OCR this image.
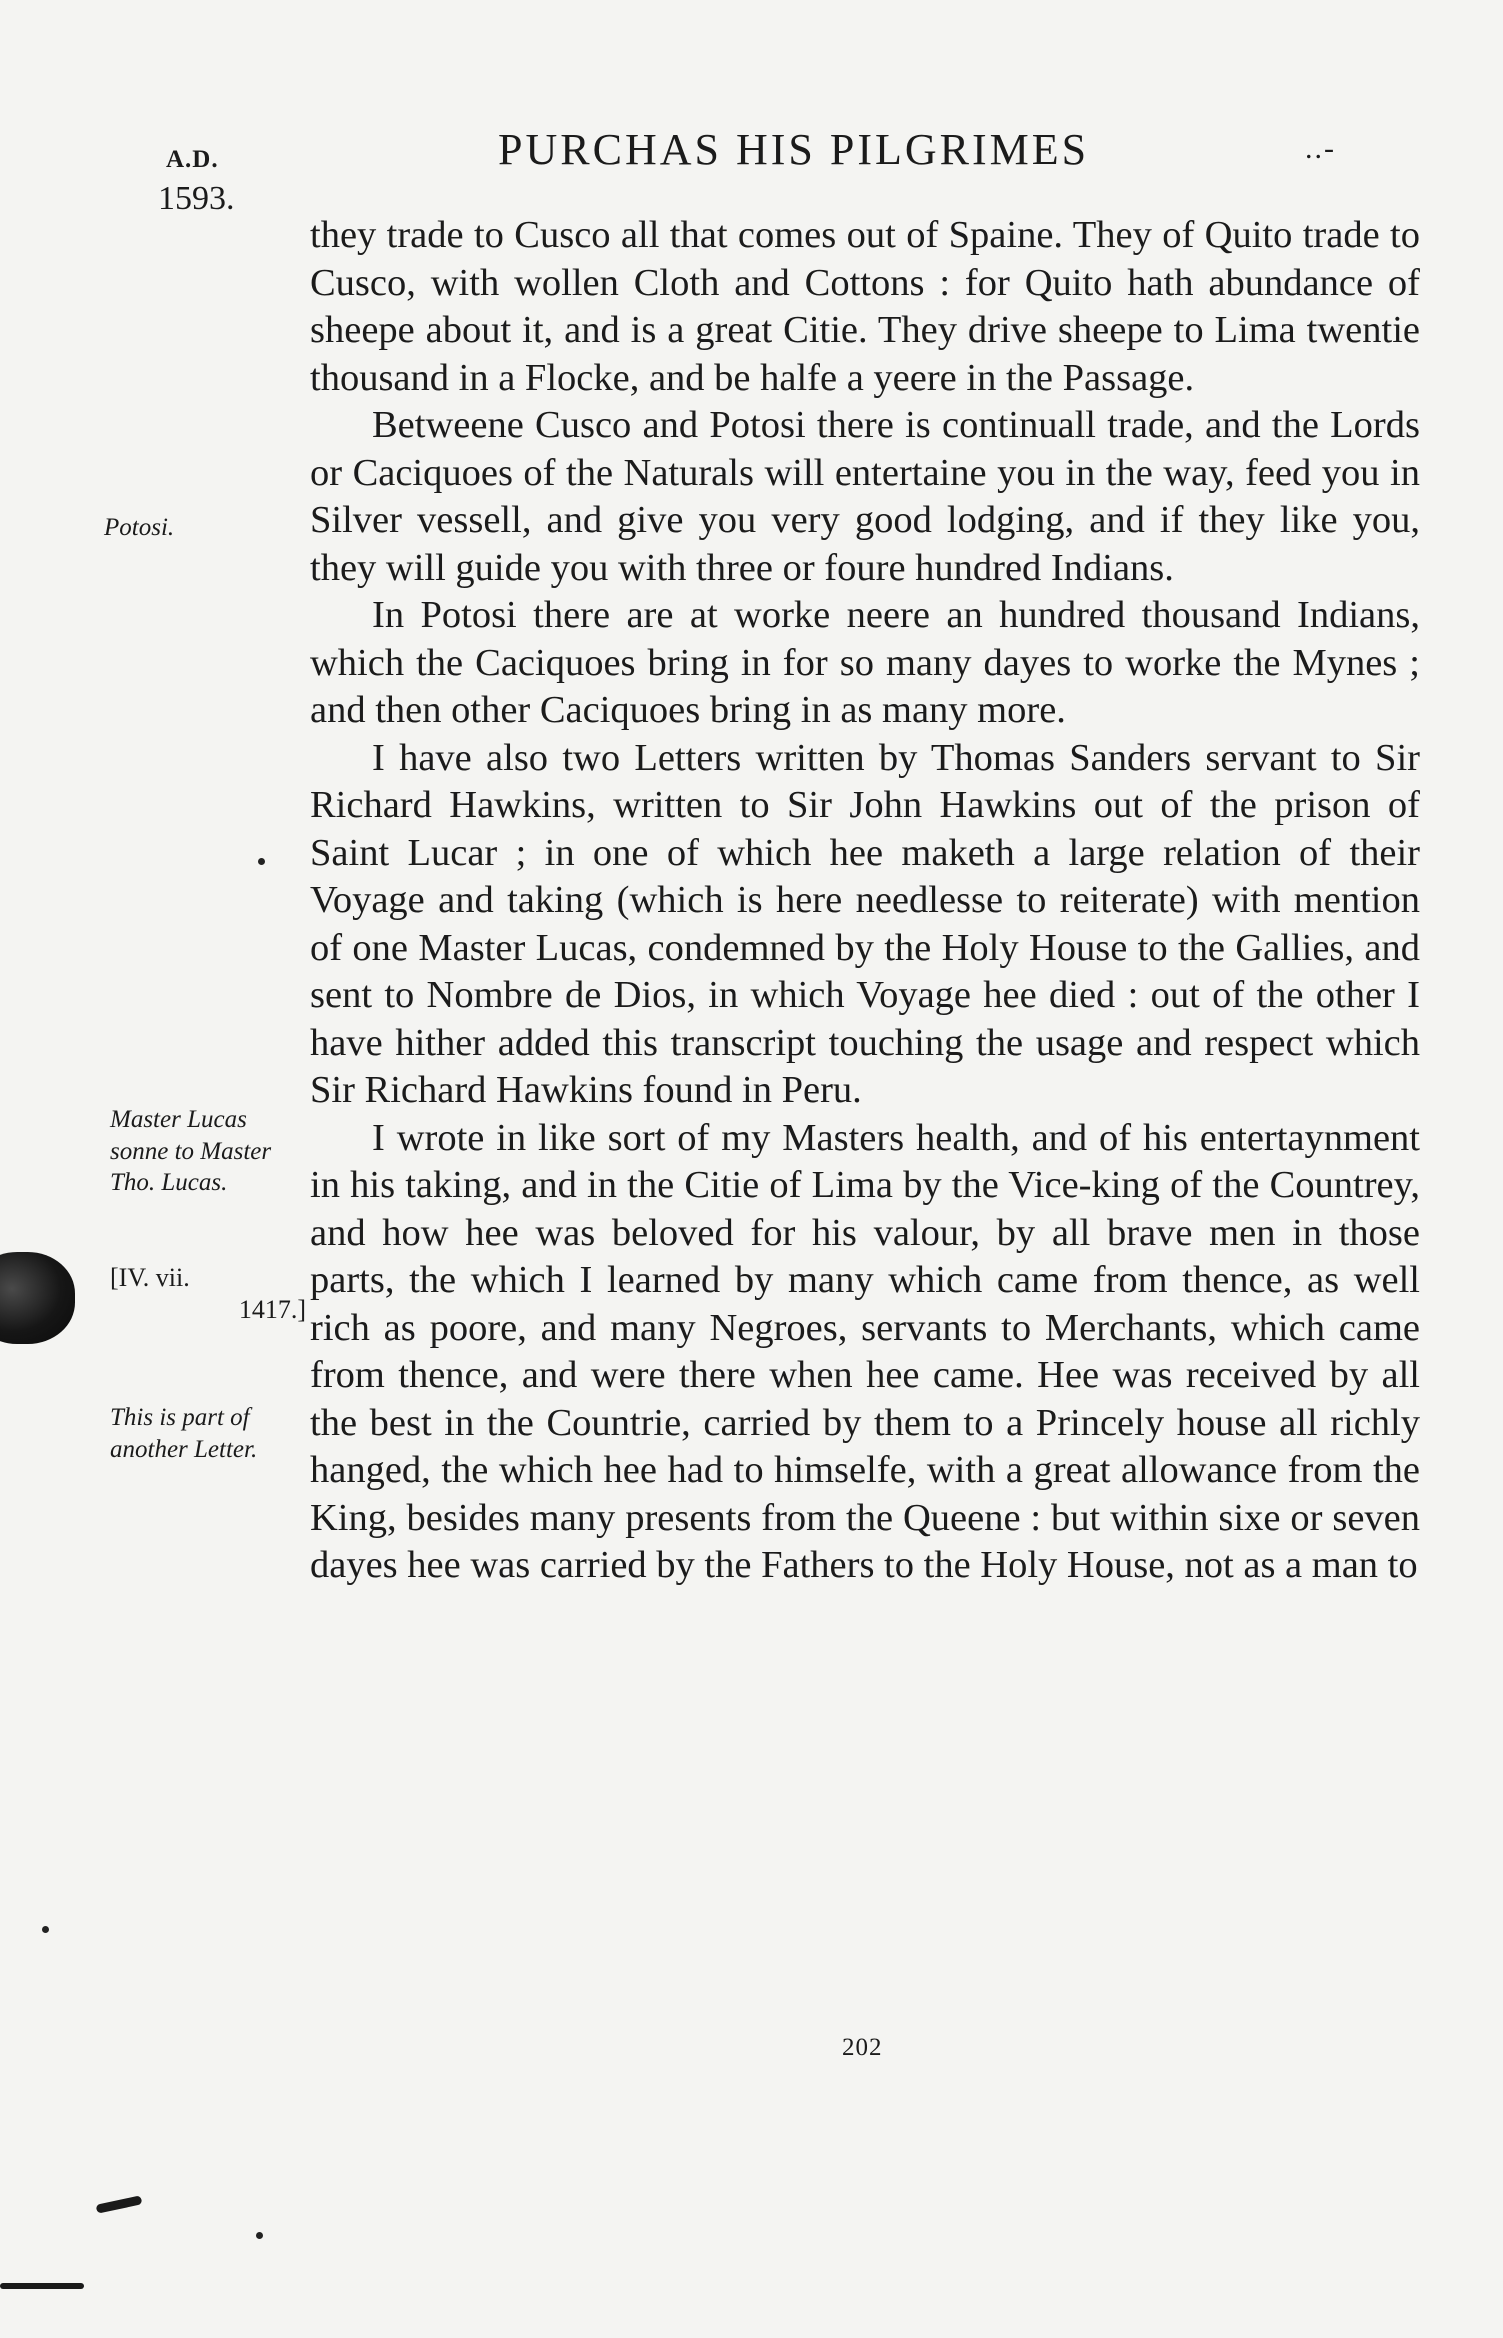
A.D.	PURCHAS HIS PILGRIMES	..-
1593.

they trade to Cusco all that comes out of Spaine. They of Quito trade to Cusco, with wollen Cloth and Cottons : for Quito hath abundance of sheepe about it, and is a great Citie. They drive sheepe to Lima twentie thousand in a Flocke, and be halfe a yeere in the Passage.

Betweene Cusco and Potosi there is continuall trade, and the Lords or Caciquoes of the Naturals will entertaine you in the way, feed you in Silver vessell, and give you very good lodging, and if they like you, they will guide you with three or foure hundred Indians.

In Potosi there are at worke neere an hundred thousand Indians, which the Caciquoes bring in for so many dayes to worke the Mynes ; and then other Caciquoes bring in as many more.

I have also two Letters written by Thomas Sanders servant to Sir Richard Hawkins, written to Sir John Hawkins out of the prison of Saint Lucar ; in one of which hee maketh a large relation of their Voyage and taking (which is here needlesse to reiterate) with mention of one Master Lucas, condemned by the Holy House to the Gallies, and sent to Nombre de Dios, in which Voyage hee died : out of the other I have hither added this transcript touching the usage and respect which Sir Richard Hawkins found in Peru.

I wrote in like sort of my Masters health, and of his entertaynment in his taking, and in the Citie of Lima by the Vice-king of the Countrey, and how hee was beloved for his valour, by all brave men in those parts, the which I learned by many which came from thence, as well rich as poore, and many Negroes, servants to Merchants, which came from thence, and were there when hee came. Hee was received by all the best in the Countrie, carried by them to a Princely house all richly hanged, the which hee had to himselfe, with a great allowance from the King, besides many presents from the Queene : but within sixe or seven dayes hee was carried by the Fathers to the Holy House, not as a man to

Potosi.
Master Lucas sonne to Master Tho. Lucas.
[IV. vii.
1417.]
This is part of another Letter.
202
